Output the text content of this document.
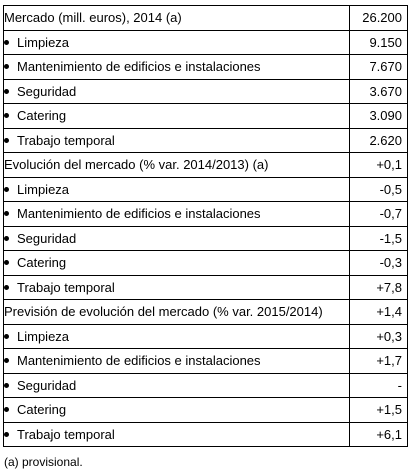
Mercado (mill. euros), 2014 (a)	26.200
Limpieza	9.150
Mantenimiento de edificios e instalaciones	7.670
Seguridad	3.670
Catering	3.090
Trabajo temporal	2.620
Evolución del mercado (% var. 2014/2013) (a)	+0,1
Limpieza	-0,5
Mantenimiento de edificios e instalaciones	-0,7
Seguridad	-1,5
Catering	-0,3
Trabajo temporal	+7,8
Previsión de evolución del mercado (% var. 2015/2014)	+1,4
Limpieza	+0,3
Mantenimiento de edificios e instalaciones	+1,7
Seguridad	-
Catering	+1,5
Trabajo temporal	+6,1
(a) provisional.
